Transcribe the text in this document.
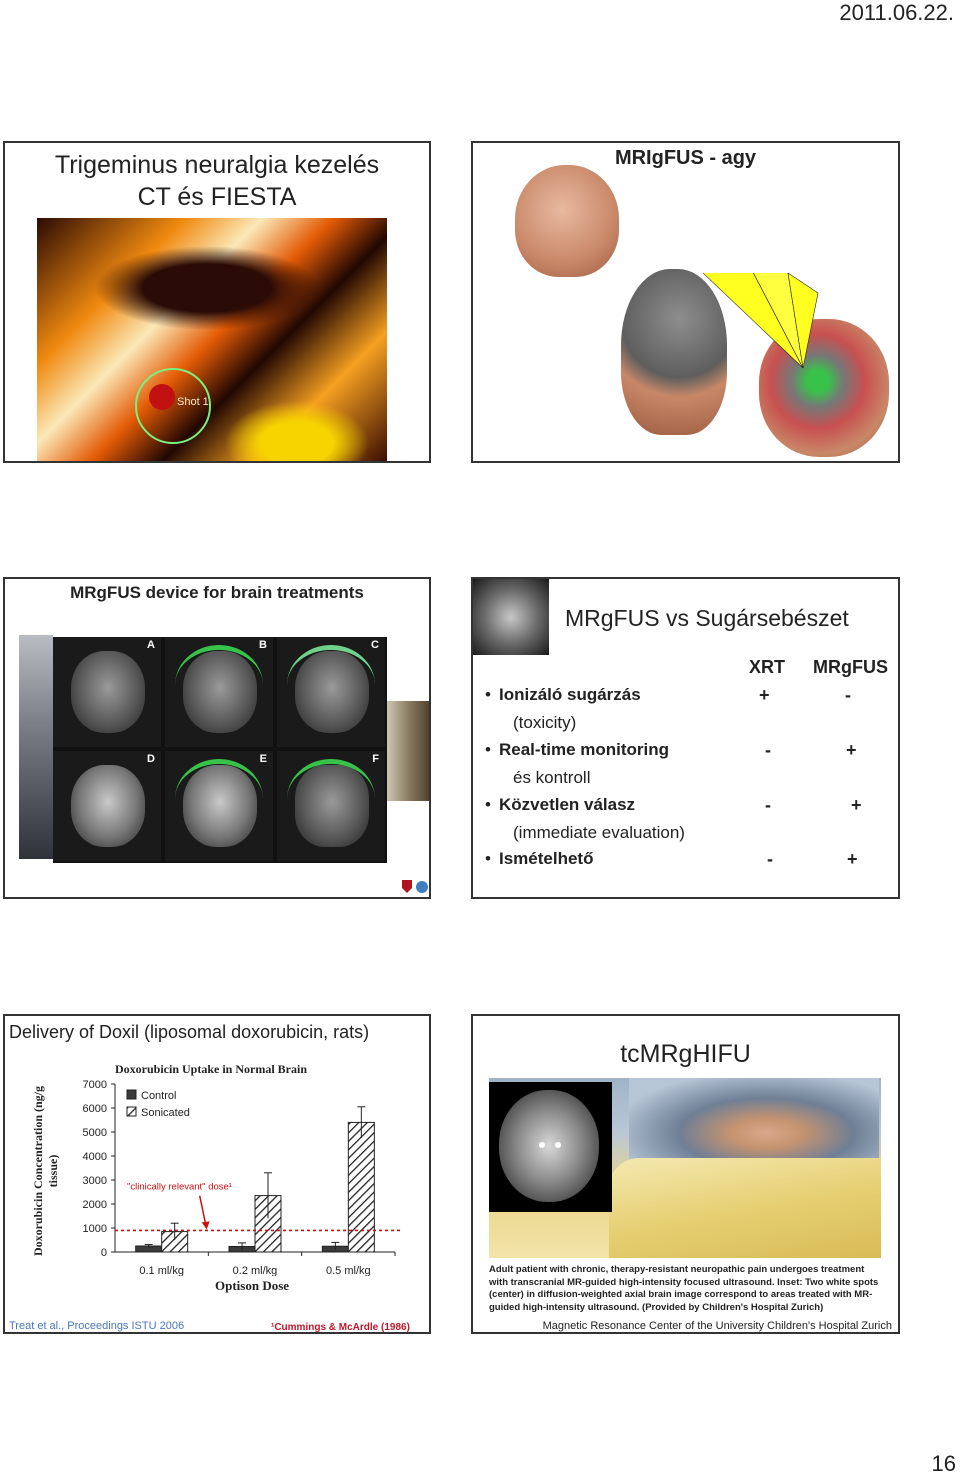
2011.06.22.
Trigeminus neuralgia kezelés
CT és FIESTA
Shot 1
MRIgFUS - agy
MRgFUS device for brain treatments
A	B	C
D	E	F
MRgFUS vs Sugársebészet
XRT MRgFUS
• Ionizáló sugárzás
(toxicity)
+	-
• Real-time monitoring
és kontroll
-	+
• Közvetlen válasz
(immediate evaluation)
-	+
• Ismételhető	-	+
Delivery of Doxil (liposomal doxorubicin, rats)
Doxorubicin Uptake in Normal Brain
Doxorubicin Concentration (ng/g tissue)
0
1000
2000
3000
4000
5000
6000
7000
0.1 ml/kg	0.2 ml/kg	0.5 ml/kg
"clinically relevant" dose¹
Control
Sonicated
Optison Dose
Treat et al., Proceedings ISTU 2006	¹Cummings & McArdle (1986)
tcMRgHIFU
Adult patient with chronic, therapy-resistant neuropathic pain undergoes treatment with transcranial MR-guided high-intensity focused ultrasound. Inset: Two white spots (center) in diffusion-weighted axial brain image correspond to areas treated with MR-guided high-intensity ultrasound. (Provided by Children's Hospital Zurich)
Magnetic Resonance Center of the University Children's Hospital Zurich
16
